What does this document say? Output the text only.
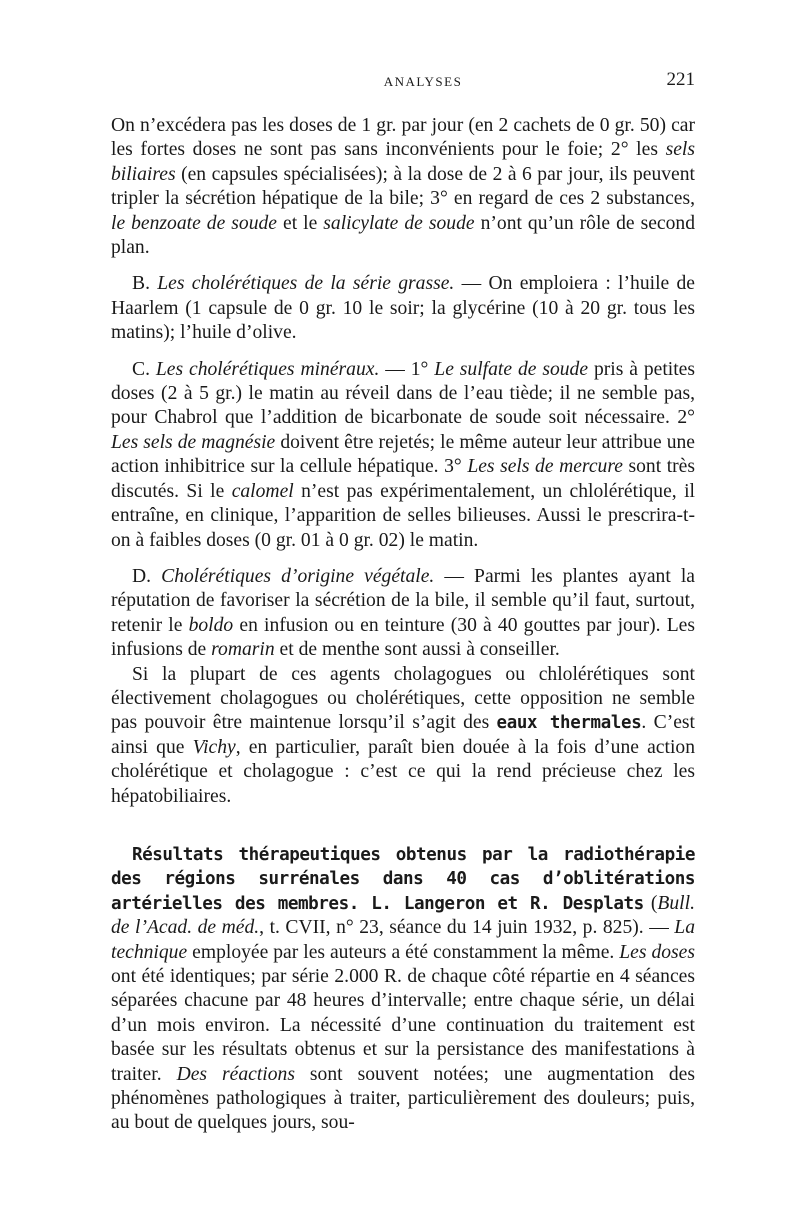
ANALYSES	221

On n’excédera pas les doses de 1 gr. par jour (en 2 cachets de 0 gr. 50) car les fortes doses ne sont pas sans inconvénients pour le foie; 2° les sels biliaires (en capsules spécialisées); à la dose de 2 à 6 par jour, ils peuvent tripler la sécrétion hépatique de la bile; 3° en regard de ces 2 substances, le benzoate de soude et le salicylate de soude n’ont qu’un rôle de second plan.

B. Les cholérétiques de la série grasse. — On emploiera : l’huile de Haarlem (1 capsule de 0 gr. 10 le soir; la glycérine (10 à 20 gr. tous les matins); l’huile d’olive.

C. Les cholérétiques minéraux. — 1° Le sulfate de soude pris à petites doses (2 à 5 gr.) le matin au réveil dans de l’eau tiède; il ne semble pas, pour Chabrol que l’addition de bicarbonate de soude soit nécessaire. 2° Les sels de magnésie doivent être rejetés; le même auteur leur attribue une action inhibitrice sur la cellule hépatique. 3° Les sels de mercure sont très discutés. Si le calomel n’est pas expérimentalement, un chlolérétique, il entraîne, en clinique, l’apparition de selles bilieuses. Aussi le prescrira-t-on à faibles doses (0 gr. 01 à 0 gr. 02) le matin.

D. Cholérétiques d’origine végétale. — Parmi les plantes ayant la réputation de favoriser la sécrétion de la bile, il semble qu’il faut, surtout, retenir le boldo en infusion ou en teinture (30 à 40 gouttes par jour). Les infusions de romarin et de menthe sont aussi à conseiller.

Si la plupart de ces agents cholagogues ou chlolérétiques sont électivement cholagogues ou cholérétiques, cette opposition ne semble pas pouvoir être maintenue lorsqu’il s’agit des eaux thermales. C’est ainsi que Vichy, en particulier, paraît bien douée à la fois d’une action cholérétique et cholagogue : c’est ce qui la rend précieuse chez les hépatobiliaires.

Résultats thérapeutiques obtenus par la radiothérapie des régions surrénales dans 40 cas d’oblitérations artérielles des membres. L. Langeron et R. Desplats (Bull. de l’Acad. de méd., t. CVII, n° 23, séance du 14 juin 1932, p. 825). — La technique employée par les auteurs a été constamment la même. Les doses ont été identiques; par série 2.000 R. de chaque côté répartie en 4 séances séparées chacune par 48 heures d’intervalle; entre chaque série, un délai d’un mois environ. La nécessité d’une continuation du traitement est basée sur les résultats obtenus et sur la persistance des manifestations à traiter. Des réactions sont souvent notées; une augmentation des phénomènes pathologiques à traiter, particulièrement des douleurs; puis, au bout de quelques jours, sou-
